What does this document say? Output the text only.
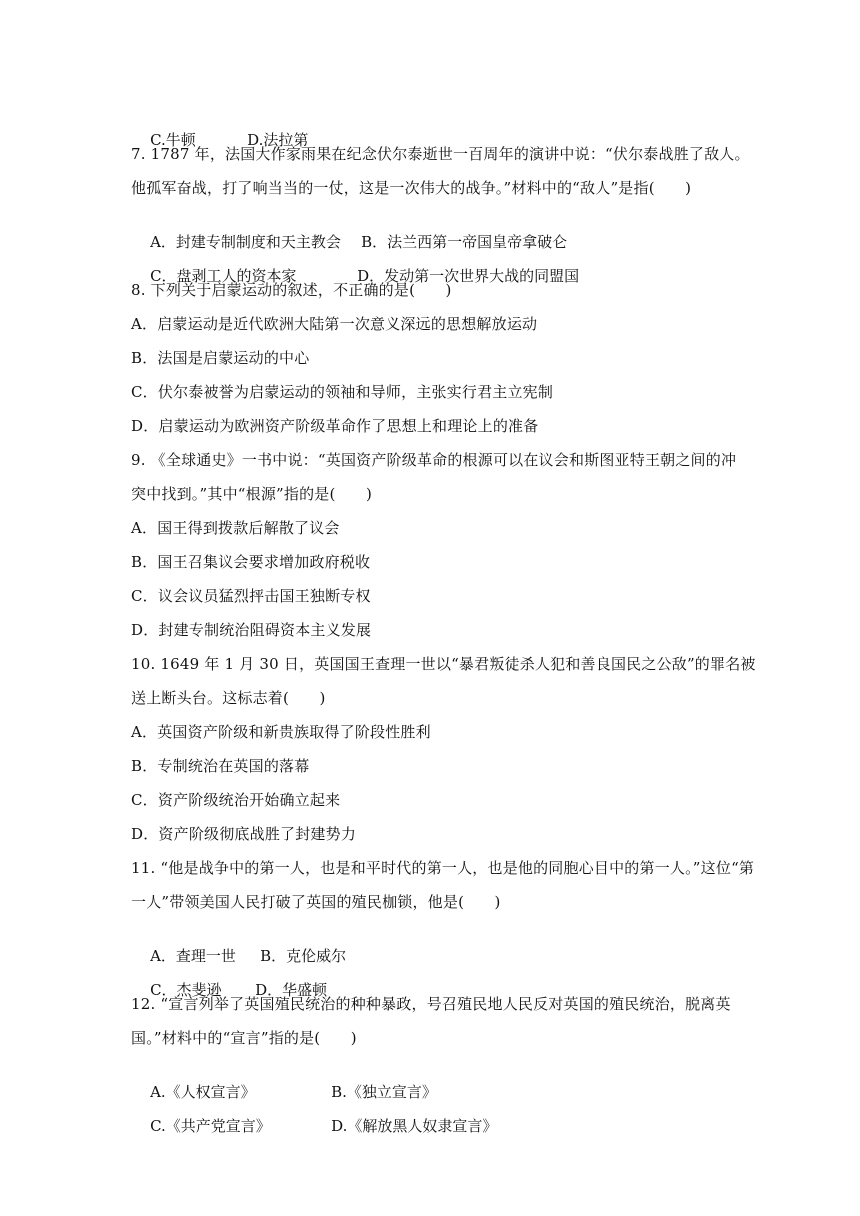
C.牛顿	D.法拉第

7. 1787 年，法国大作家雨果在纪念伏尔泰逝世一百周年的演讲中说：“伏尔泰战胜了敌人。
他孤军奋战，打了响当当的一仗，这是一次伟大的战争。”材料中的“敌人”是指(　　)

A．封建专制制度和天主教会 B．法兰西第一帝国皇帝拿破仑

C．盘剥工人的资本家	D．发动第一次世界大战的同盟国

8. 下列关于启蒙运动的叙述，不正确的是(　　)
A．启蒙运动是近代欧洲大陆第一次意义深远的思想解放运动
B．法国是启蒙运动的中心
C．伏尔泰被誉为启蒙运动的领袖和导师，主张实行君主立宪制
D．启蒙运动为欧洲资产阶级革命作了思想上和理论上的准备
9. 《全球通史》一书中说：“英国资产阶级革命的根源可以在议会和斯图亚特王朝之间的冲
突中找到。”其中“根源”指的是(　　)
A．国王得到拨款后解散了议会
B．国王召集议会要求增加政府税收
C．议会议员猛烈抨击国王独断专权
D．封建专制统治阻碍资本主义发展
10. 1649 年 1 月 30 日，英国国王查理一世以“暴君叛徒杀人犯和善良国民之公敌”的罪名被
送上断头台。这标志着(　　)
A．英国资产阶级和新贵族取得了阶段性胜利
B．专制统治在英国的落幕
C．资产阶级统治开始确立起来
D．资产阶级彻底战胜了封建势力
11. “他是战争中的第一人，也是和平时代的第一人，也是他的同胞心目中的第一人。”这位“第
一人”带领美国人民打破了英国的殖民枷锁，他是(　　)

A．查理一世 B．克伦威尔

C．杰斐逊 D．华盛顿

12. “宣言列举了英国殖民统治的种种暴政，号召殖民地人民反对英国的殖民统治，脱离英
国。”材料中的“宣言”指的是(　　)

A.《人权宣言》	B.《独立宣言》

C.《共产党宣言》	D.《解放黑人奴隶宣言》
